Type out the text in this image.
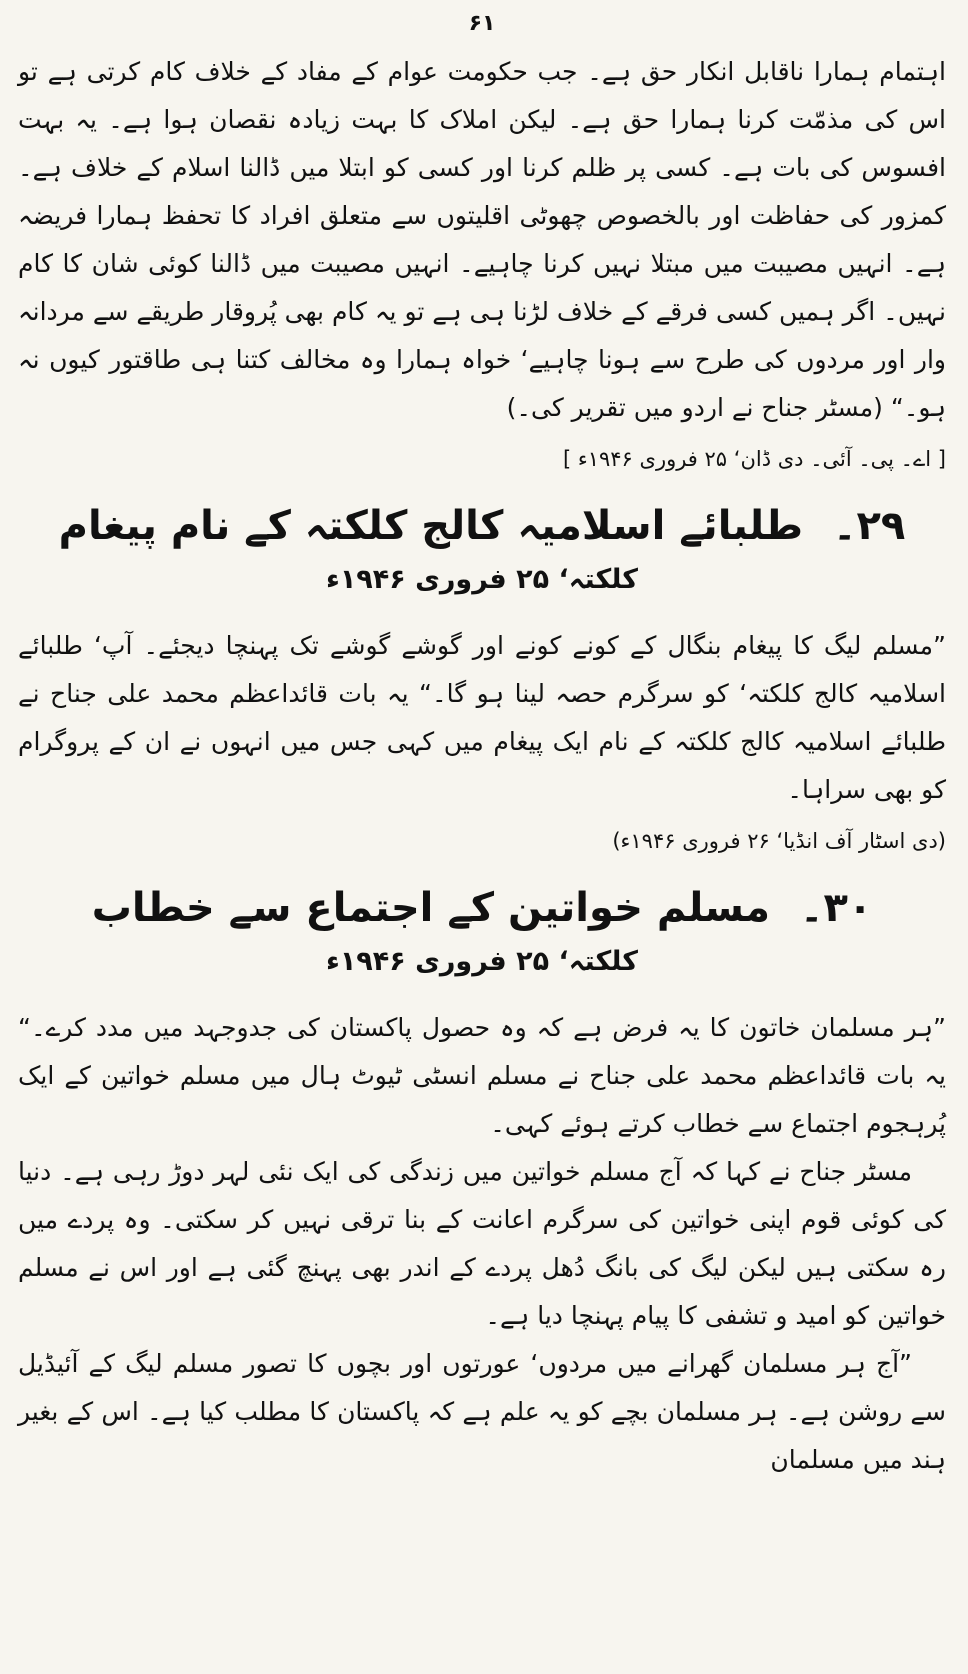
۶۱

اہتمام ہمارا ناقابل انکار حق ہے۔ جب حکومت عوام کے مفاد کے خلاف کام کرتی ہے تو اس کی مذمّت کرنا ہمارا حق ہے۔ لیکن املاک کا بہت زیادہ نقصان ہوا ہے۔ یہ بہت افسوس کی بات ہے۔ کسی پر ظلم کرنا اور کسی کو ابتلا میں ڈالنا اسلام کے خلاف ہے۔ کمزور کی حفاظت اور بالخصوص چھوٹی اقلیتوں سے متعلق افراد کا تحفظ ہمارا فریضہ ہے۔ انہیں مصیبت میں مبتلا نہیں کرنا چاہیے۔ انہیں مصیبت میں ڈالنا کوئی شان کا کام نہیں۔ اگر ہمیں کسی فرقے کے خلاف لڑنا ہی ہے تو یہ کام بھی پُروقار طریقے سے مردانہ وار اور مردوں کی طرح سے ہونا چاہیے‘ خواہ ہمارا وہ مخالف کتنا ہی طاقتور کیوں نہ ہو۔“ (مسٹر جناح نے اردو میں تقریر کی۔)

[ اے۔ پی۔ آئی۔ دی ڈان‘ ۲۵ فروری ۱۹۴۶ء ]
۲۹۔طلبائے اسلامیہ کالج کلکتہ کے نام پیغام
کلکتہ‘ ۲۵ فروری ۱۹۴۶ء

”مسلم لیگ کا پیغام بنگال کے کونے کونے اور گوشے گوشے تک پہنچا دیجئے۔ آپ‘ طلبائے اسلامیہ کالج کلکتہ‘ کو سرگرم حصہ لینا ہو گا۔“ یہ بات قائداعظم محمد علی جناح نے طلبائے اسلامیہ کالج کلکتہ کے نام ایک پیغام میں کہی جس میں انہوں نے ان کے پروگرام کو بھی سراہا۔

(دی اسٹار آف انڈیا‘ ۲۶ فروری ۱۹۴۶ء)
۳۰۔مسلم خواتین کے اجتماع سے خطاب
کلکتہ‘ ۲۵ فروری ۱۹۴۶ء

”ہر مسلمان خاتون کا یہ فرض ہے کہ وہ حصول پاکستان کی جدوجہد میں مدد کرے۔“ یہ بات قائداعظم محمد علی جناح نے مسلم انسٹی ٹیوٹ ہال میں مسلم خواتین کے ایک پُرہجوم اجتماع سے خطاب کرتے ہوئے کہی۔

مسٹر جناح نے کہا کہ آج مسلم خواتین میں زندگی کی ایک نئی لہر دوڑ رہی ہے۔ دنیا کی کوئی قوم اپنی خواتین کی سرگرم اعانت کے بنا ترقی نہیں کر سکتی۔ وہ پردے میں رہ سکتی ہیں لیکن لیگ کی بانگ دُھل پردے کے اندر بھی پہنچ گئی ہے اور اس نے مسلم خواتین کو امید و تشفی کا پیام پہنچا دیا ہے۔

”آج ہر مسلمان گھرانے میں مردوں‘ عورتوں اور بچوں کا تصور مسلم لیگ کے آئیڈیل سے روشن ہے۔ ہر مسلمان بچے کو یہ علم ہے کہ پاکستان کا مطلب کیا ہے۔ اس کے بغیر ہند میں مسلمان
